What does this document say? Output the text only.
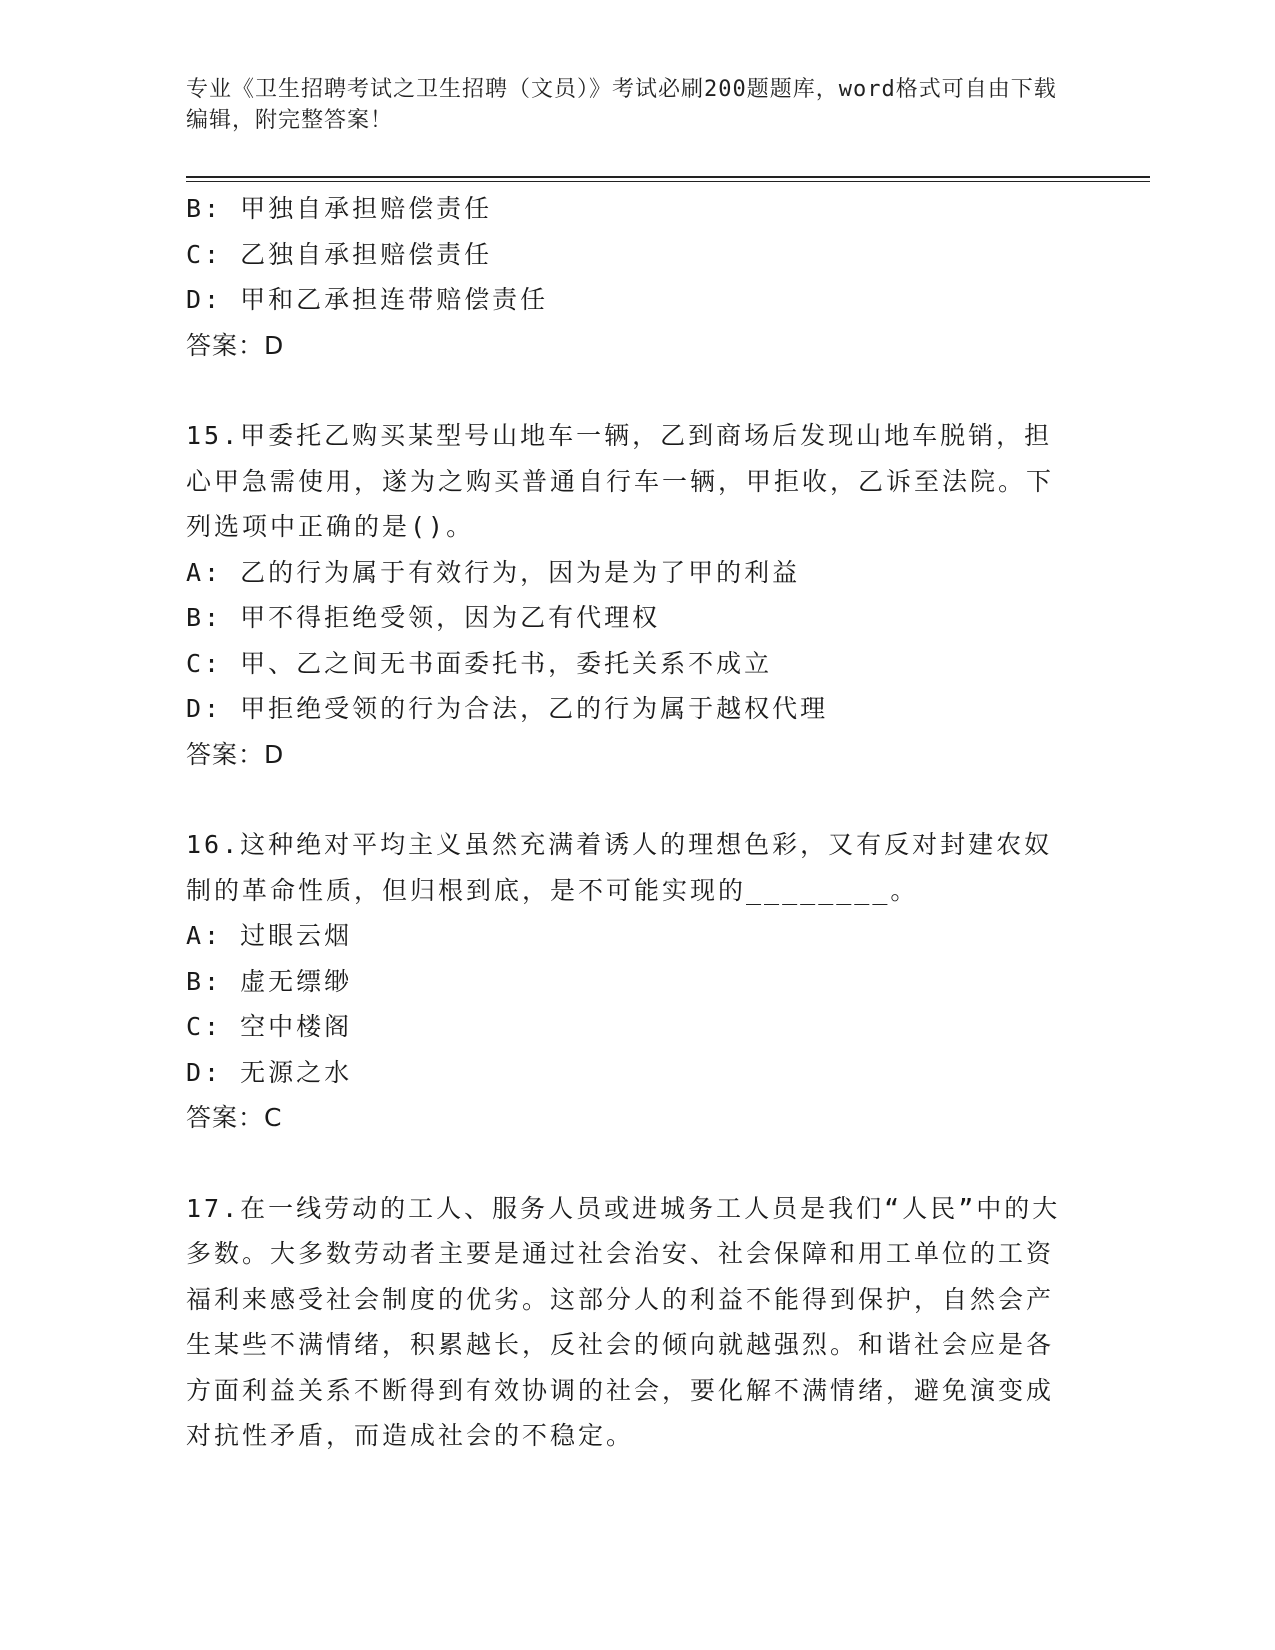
专业《卫生招聘考试之卫生招聘（文员）》考试必刷200题题库，word格式可自由下载编辑，附完整答案！
B: 甲独自承担赔偿责任
C: 乙独自承担赔偿责任
D: 甲和乙承担连带赔偿责任
答案：D
15.甲委托乙购买某型号山地车一辆，乙到商场后发现山地车脱销，担心甲急需使用，遂为之购买普通自行车一辆，甲拒收，乙诉至法院。下列选项中正确的是()。
A: 乙的行为属于有效行为，因为是为了甲的利益
B: 甲不得拒绝受领，因为乙有代理权
C: 甲、乙之间无书面委托书，委托关系不成立
D: 甲拒绝受领的行为合法，乙的行为属于越权代理
答案：D
16.这种绝对平均主义虽然充满着诱人的理想色彩，又有反对封建农奴制的革命性质，但归根到底，是不可能实现的________。
A: 过眼云烟
B: 虚无缥缈
C: 空中楼阁
D: 无源之水
答案：C
17.在一线劳动的工人、服务人员或进城务工人员是我们“人民”中的大多数。大多数劳动者主要是通过社会治安、社会保障和用工单位的工资福利来感受社会制度的优劣。这部分人的利益不能得到保护，自然会产生某些不满情绪，积累越长，反社会的倾向就越强烈。和谐社会应是各方面利益关系不断得到有效协调的社会，要化解不满情绪，避免演变成对抗性矛盾，而造成社会的不稳定。
